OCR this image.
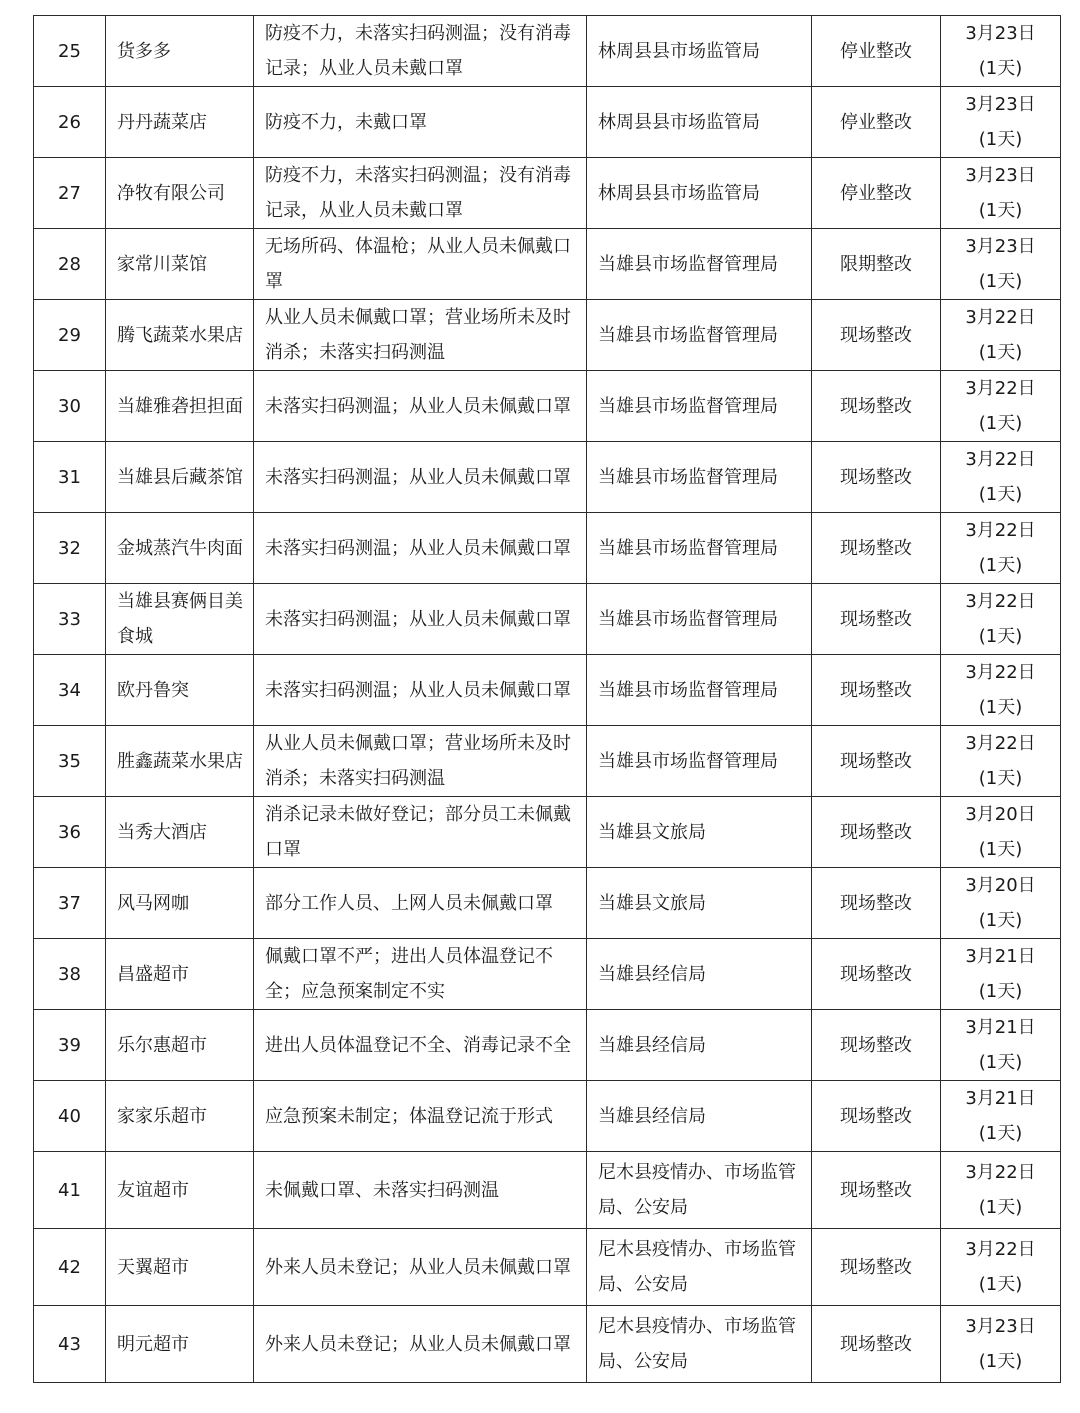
25	货多多	防疫不力，未落实扫码测温；没有消毒记录；从业人员未戴口罩	林周县县市场监管局	停业整改	3月23日
(1天)

26	丹丹蔬菜店	防疫不力，未戴口罩	林周县县市场监管局	停业整改	3月23日
(1天)

27	净牧有限公司	防疫不力，未落实扫码测温；没有消毒记录，从业人员未戴口罩	林周县县市场监管局	停业整改	3月23日
(1天)

28	家常川菜馆	无场所码、体温枪；从业人员未佩戴口罩	当雄县市场监督管理局	限期整改	3月23日
(1天)

29	腾飞蔬菜水果店	从业人员未佩戴口罩；营业场所未及时消杀；未落实扫码测温	当雄县市场监督管理局	现场整改	3月22日
(1天)

30	当雄雅砻担担面	未落实扫码测温；从业人员未佩戴口罩	当雄县市场监督管理局	现场整改	3月22日
(1天)

31	当雄县后藏茶馆	未落实扫码测温；从业人员未佩戴口罩	当雄县市场监督管理局	现场整改	3月22日
(1天)

32	金城蒸汽牛肉面	未落实扫码测温；从业人员未佩戴口罩	当雄县市场监督管理局	现场整改	3月22日
(1天)

33	当雄县赛俩目美食城	未落实扫码测温；从业人员未佩戴口罩	当雄县市场监督管理局	现场整改	3月22日
(1天)

34	欧丹鲁突	未落实扫码测温；从业人员未佩戴口罩	当雄县市场监督管理局	现场整改	3月22日
(1天)

35	胜鑫蔬菜水果店	从业人员未佩戴口罩；营业场所未及时消杀；未落实扫码测温	当雄县市场监督管理局	现场整改	3月22日
(1天)

36	当秀大酒店	消杀记录未做好登记；部分员工未佩戴口罩	当雄县文旅局	现场整改	3月20日
(1天)

37	风马网咖	部分工作人员、上网人员未佩戴口罩	当雄县文旅局	现场整改	3月20日
(1天)

38	昌盛超市	佩戴口罩不严；进出人员体温登记不全；应急预案制定不实	当雄县经信局	现场整改	3月21日
(1天)

39	乐尔惠超市	进出人员体温登记不全、消毒记录不全	当雄县经信局	现场整改	3月21日
(1天)

40	家家乐超市	应急预案未制定；体温登记流于形式	当雄县经信局	现场整改	3月21日
(1天)

41	友谊超市	未佩戴口罩、未落实扫码测温	尼木县疫情办、市场监管局、公安局	现场整改	3月22日
(1天)

42	天翼超市	外来人员未登记；从业人员未佩戴口罩	尼木县疫情办、市场监管局、公安局	现场整改	3月22日
(1天)

43	明元超市	外来人员未登记；从业人员未佩戴口罩	尼木县疫情办、市场监管局、公安局	现场整改	3月23日
(1天)
